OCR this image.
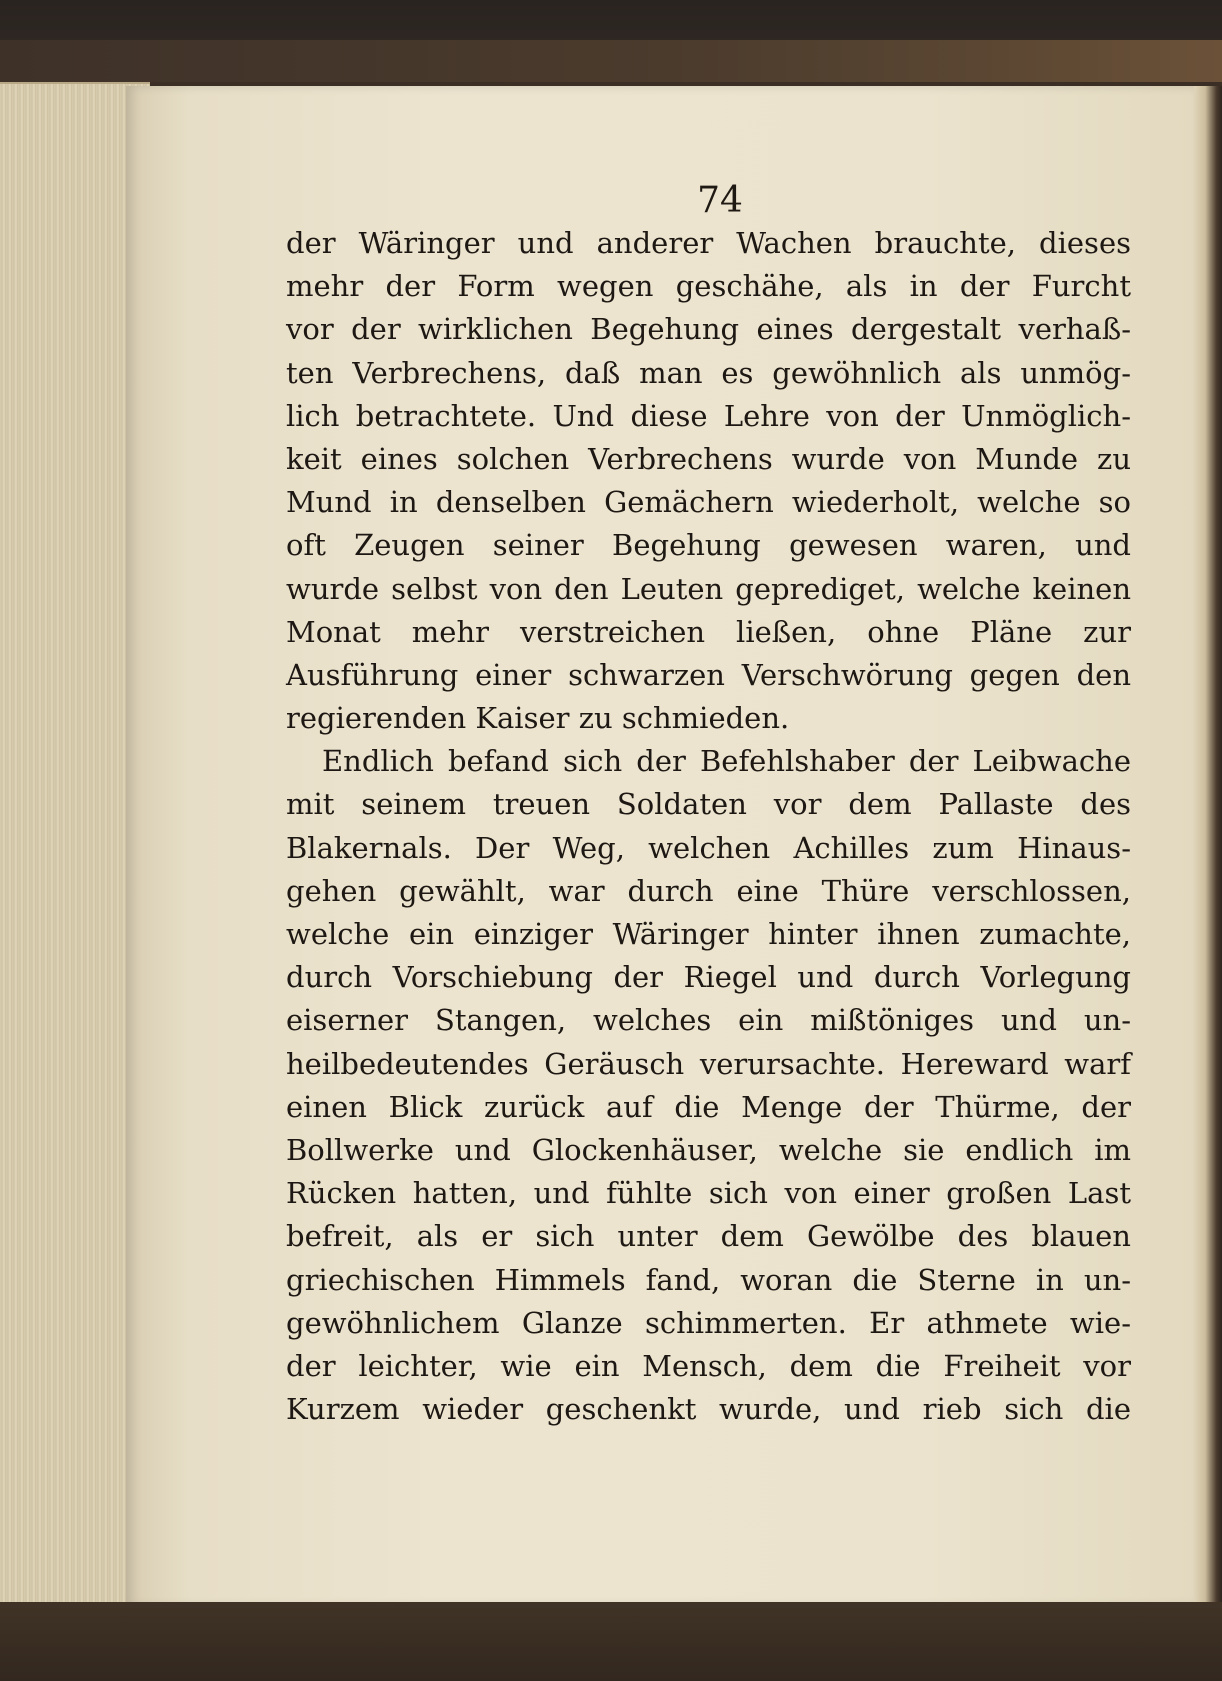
74
der Wäringer und anderer Wachen brauchte, dieses
mehr der Form wegen geschähe, als in der Furcht
vor der wirklichen Begehung eines dergestalt verhaß-
ten Verbrechens, daß man es gewöhnlich als unmög-
lich betrachtete. Und diese Lehre von der Unmöglich-
keit eines solchen Verbrechens wurde von Munde zu
Mund in denselben Gemächern wiederholt, welche so
oft Zeugen seiner Begehung gewesen waren, und
wurde selbst von den Leuten geprediget, welche keinen
Monat mehr verstreichen ließen, ohne Pläne zur
Ausführung einer schwarzen Verschwörung gegen den
regierenden Kaiser zu schmieden.
Endlich befand sich der Befehlshaber der Leibwache
mit seinem treuen Soldaten vor dem Pallaste des
Blakernals. Der Weg, welchen Achilles zum Hinaus-
gehen gewählt, war durch eine Thüre verschlossen,
welche ein einziger Wäringer hinter ihnen zumachte,
durch Vorschiebung der Riegel und durch Vorlegung
eiserner Stangen, welches ein mißtöniges und un-
heilbedeutendes Geräusch verursachte. Hereward warf
einen Blick zurück auf die Menge der Thürme, der
Bollwerke und Glockenhäuser, welche sie endlich im
Rücken hatten, und fühlte sich von einer großen Last
befreit, als er sich unter dem Gewölbe des blauen
griechischen Himmels fand, woran die Sterne in un-
gewöhnlichem Glanze schimmerten. Er athmete wie-
der leichter, wie ein Mensch, dem die Freiheit vor
Kurzem wieder geschenkt wurde, und rieb sich die
